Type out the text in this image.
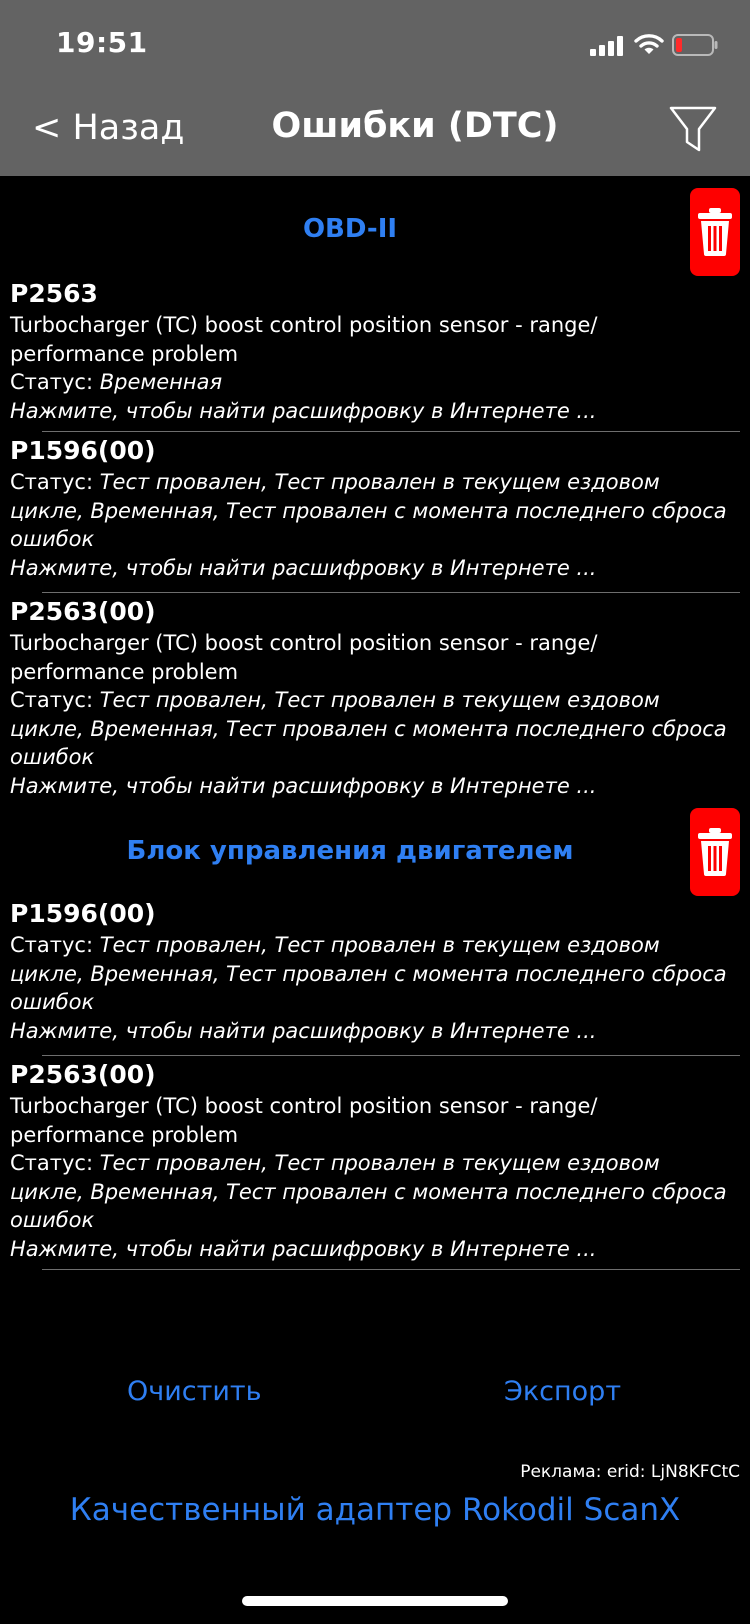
19:51
< Назад	Ошибки (DTC)
OBD-II
P2563
Turbocharger (TC) boost control position sensor - range/ performance problem
Статус: Временная
Нажмите, чтобы найти расшифровку в Интернете ...
P1596(00)
Статус: Тест провален, Тест провален в текущем ездовом цикле, Временная, Тест провален с момента последнего сброса ошибок
Нажмите, чтобы найти расшифровку в Интернете ...
P2563(00)
Turbocharger (TC) boost control position sensor - range/ performance problem
Статус: Тест провален, Тест провален в текущем ездовом цикле, Временная, Тест провален с момента последнего сброса ошибок
Нажмите, чтобы найти расшифровку в Интернете ...
Блок управления двигателем
P1596(00)
Статус: Тест провален, Тест провален в текущем ездовом цикле, Временная, Тест провален с момента последнего сброса ошибок
Нажмите, чтобы найти расшифровку в Интернете ...
P2563(00)
Turbocharger (TC) boost control position sensor - range/ performance problem
Статус: Тест провален, Тест провален в текущем ездовом цикле, Временная, Тест провален с момента последнего сброса ошибок
Нажмите, чтобы найти расшифровку в Интернете ...
Очистить	Экспорт
Реклама: erid: LjN8KFCtC
Качественный адаптер Rokodil ScanX
